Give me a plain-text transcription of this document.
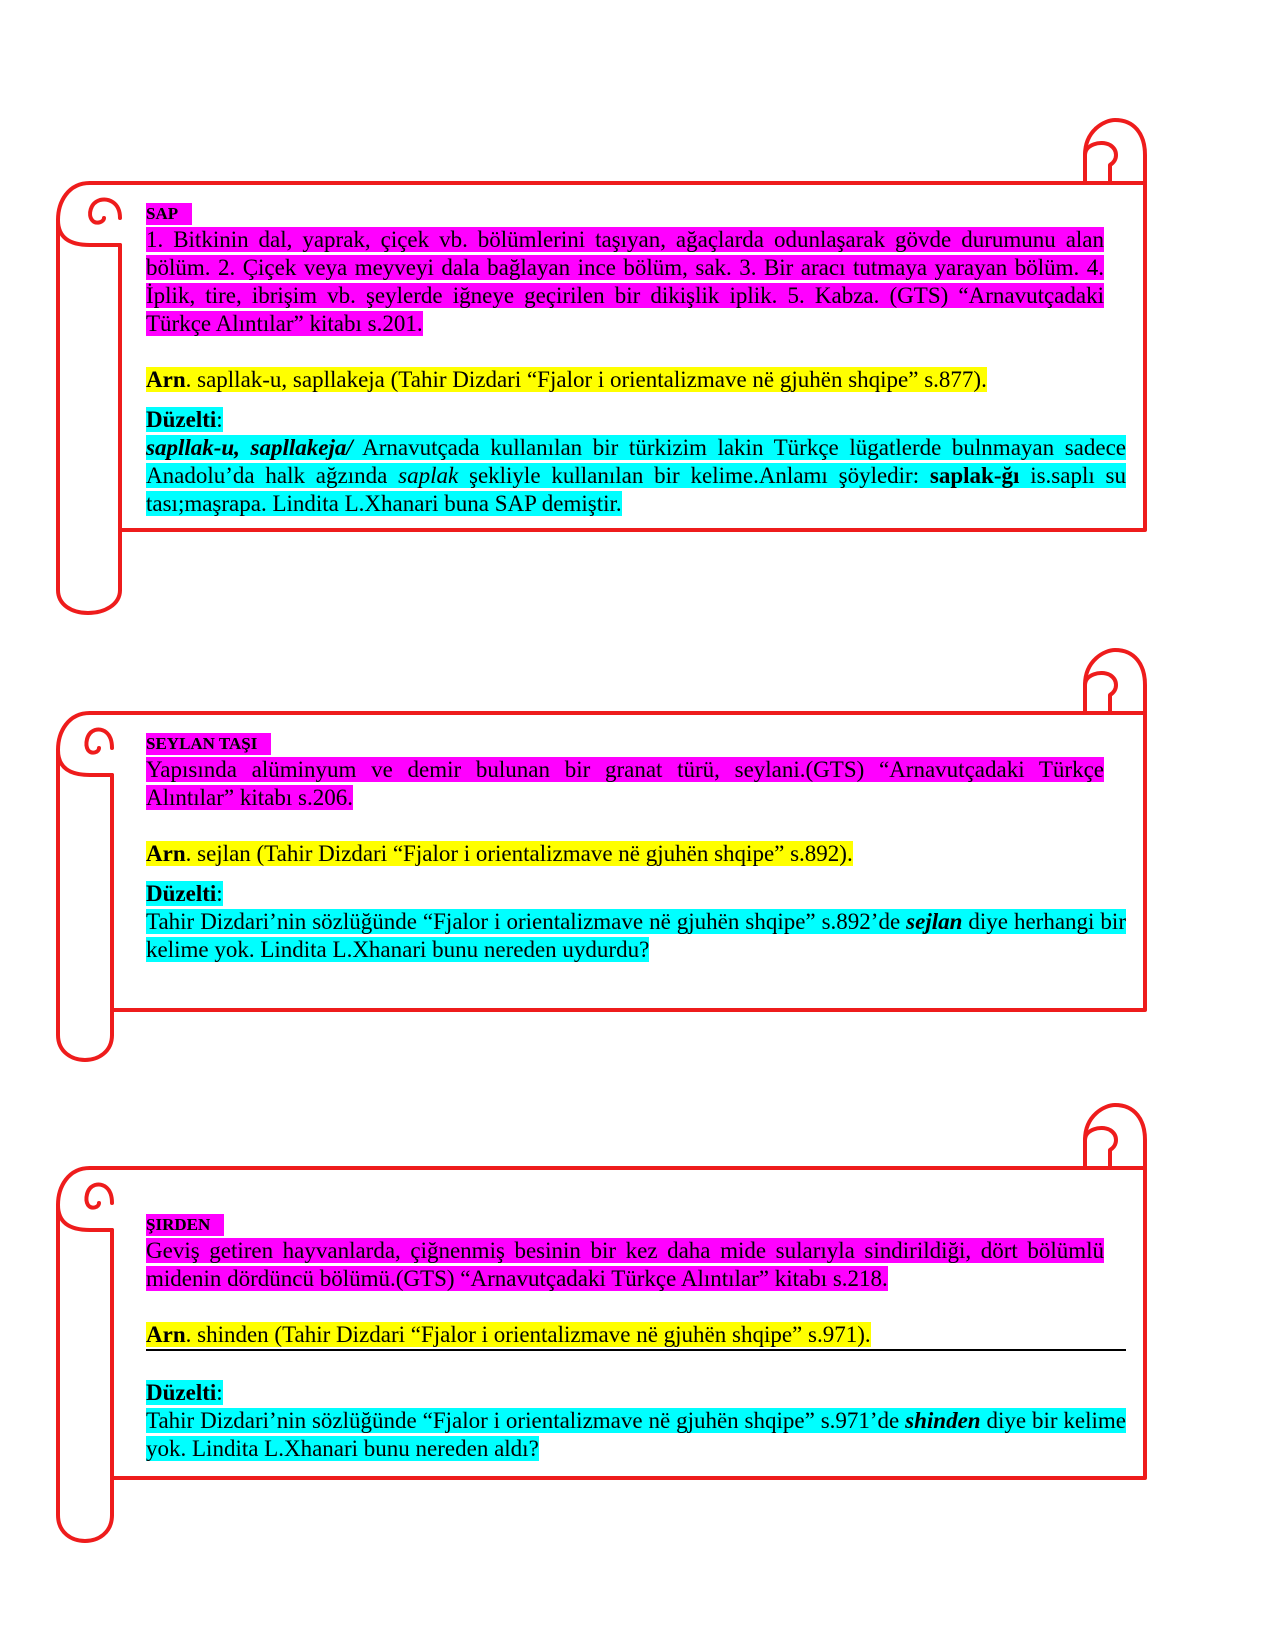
SAP
1. Bitkinin dal, yaprak, çiçek vb. bölümlerini taşıyan, ağaçlarda odunlaşarak gövde durumunu alan bölüm. 2. Çiçek veya meyveyi dala bağlayan ince bölüm, sak. 3. Bir aracı tutmaya yarayan bölüm. 4. İplik, tire, ibrişim vb. şeylerde iğneye geçirilen bir dikişlik iplik. 5. Kabza. (GTS) “Arnavutçadaki Türkçe Alıntılar” kitabı s.201.
Arn. sapllak-u, sapllakeja (Tahir Dizdari “Fjalor i orientalizmave në gjuhën shqipe” s.877).
Düzelti:
sapllak-u, sapllakeja/ Arnavutçada kullanılan bir türkizim lakin Türkçe lügatlerde bulnmayan sadece Anadolu’da halk ağzında saplak şekliyle kullanılan bir kelime.Anlamı şöyledir: saplak-ğı is.saplı su tası;maşrapa. Lindita L.Xhanari buna SAP demiştir.
SEYLAN TAŞI
Yapısında alüminyum ve demir bulunan bir granat türü, seylani.(GTS) “Arnavutçadaki Türkçe Alıntılar” kitabı s.206.
Arn. sejlan (Tahir Dizdari “Fjalor i orientalizmave në gjuhën shqipe” s.892).
Düzelti:
Tahir Dizdari’nin sözlüğünde “Fjalor i orientalizmave në gjuhën shqipe” s.892’de sejlan diye herhangi bir kelime yok. Lindita L.Xhanari bunu nereden uydurdu?
ŞIRDEN
Geviş getiren hayvanlarda, çiğnenmiş besinin bir kez daha mide sularıyla sindirildiği, dört bölümlü midenin dördüncü bölümü.(GTS) “Arnavutçadaki Türkçe Alıntılar” kitabı s.218.
Arn. shinden (Tahir Dizdari “Fjalor i orientalizmave në gjuhën shqipe” s.971).
Düzelti:
Tahir Dizdari’nin sözlüğünde “Fjalor i orientalizmave në gjuhën shqipe” s.971’de shinden diye bir kelime yok. Lindita L.Xhanari bunu nereden aldı?
